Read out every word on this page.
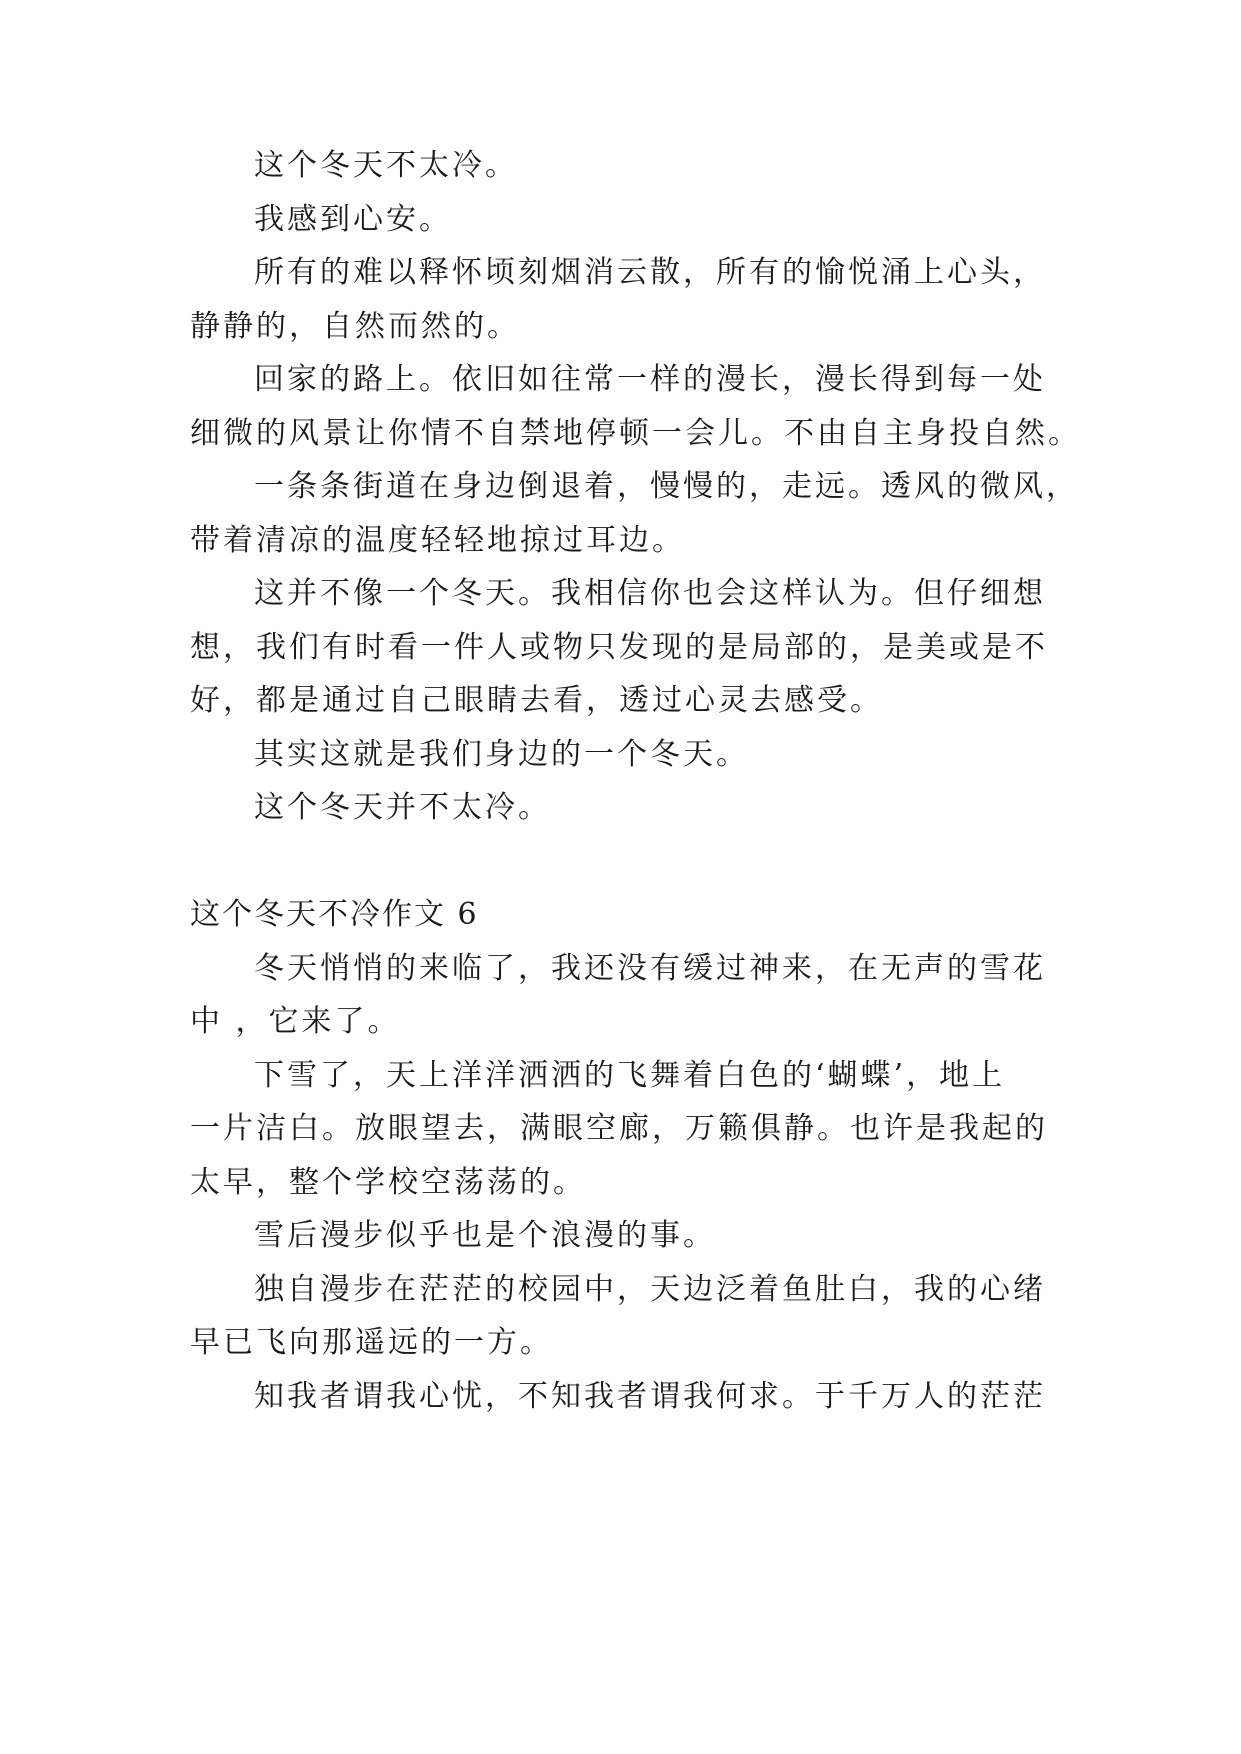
这个冬天不太冷。
我感到心安。
所有的难以释怀顷刻烟消云散，所有的愉悦涌上心头，
静静的，自然而然的。
回家的路上。依旧如往常一样的漫长，漫长得到每一处
细微的风景让你情不自禁地停顿一会儿。不由自主身投自然。
一条条街道在身边倒退着，慢慢的，走远。透风的微风，
带着清凉的温度轻轻地掠过耳边。
这并不像一个冬天。我相信你也会这样认为。但仔细想
想，我们有时看一件人或物只发现的是局部的，是美或是不
好，都是通过自己眼睛去看，透过心灵去感受。
其实这就是我们身边的一个冬天。
这个冬天并不太冷。
这个冬天不冷作文 6
冬天悄悄的来临了，我还没有缓过神来，在无声的雪花
中 ，它来了。
下雪了，天上洋洋洒洒的飞舞着白色的‘蝴蝶’，地上
一片洁白。放眼望去，满眼空廊，万籁俱静。也许是我起的
太早，整个学校空荡荡的。
雪后漫步似乎也是个浪漫的事。
独自漫步在茫茫的校园中，天边泛着鱼肚白，我的心绪
早已飞向那遥远的一方。
知我者谓我心忧，不知我者谓我何求。于千万人的茫茫
